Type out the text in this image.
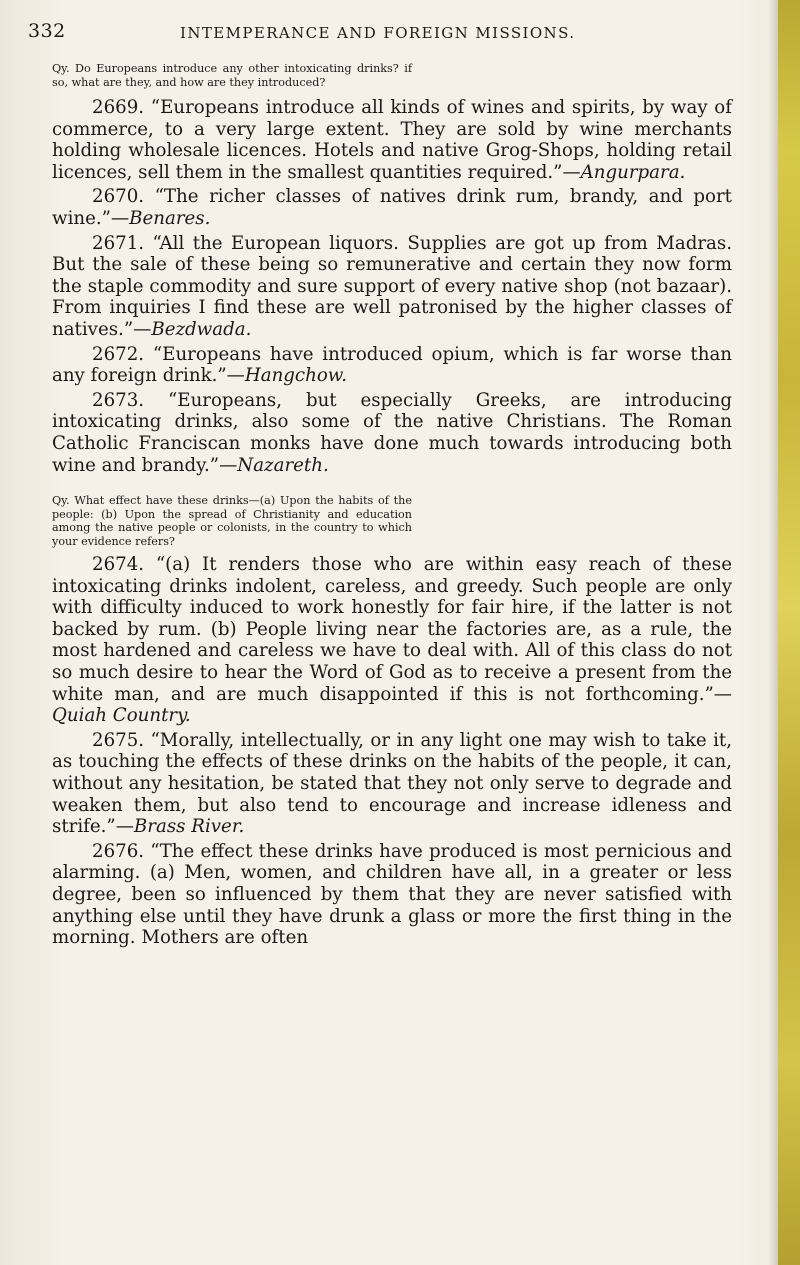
332	INTEMPERANCE AND FOREIGN MISSIONS.

Qy. Do Europeans introduce any other intoxicating drinks? if so, what are they, and how are they introduced?

2669. “Europeans introduce all kinds of wines and spirits, by way of commerce, to a very large extent. They are sold by wine merchants holding wholesale licences. Hotels and native Grog-Shops, holding retail licences, sell them in the smallest quantities required.”—Angurpara.

2670. “The richer classes of natives drink rum, brandy, and port wine.”—Benares.

2671. “All the European liquors. Supplies are got up from Madras. But the sale of these being so remunerative and certain they now form the staple commodity and sure support of every native shop (not bazaar). From inquiries I find these are well patronised by the higher classes of natives.”—Bezdwada.

2672. “Europeans have introduced opium, which is far worse than any foreign drink.”—Hangchow.

2673. “Europeans, but especially Greeks, are introducing intoxicating drinks, also some of the native Christians. The Roman Catholic Franciscan monks have done much towards introducing both wine and brandy.”—Nazareth.

Qy. What effect have these drinks—(a) Upon the habits of the people: (b) Upon the spread of Christianity and education among the native people or colonists, in the country to which your evidence refers?

2674. “(a) It renders those who are within easy reach of these intoxicating drinks indolent, careless, and greedy. Such people are only with difficulty induced to work honestly for fair hire, if the latter is not backed by rum. (b) People living near the factories are, as a rule, the most hardened and careless we have to deal with. All of this class do not so much desire to hear the Word of God as to receive a present from the white man, and are much disappointed if this is not forthcoming.”—Quiah Country.

2675. “Morally, intellectually, or in any light one may wish to take it, as touching the effects of these drinks on the habits of the people, it can, without any hesitation, be stated that they not only serve to degrade and weaken them, but also tend to encourage and increase idleness and strife.”—Brass River.

2676. “The effect these drinks have produced is most pernicious and alarming. (a) Men, women, and children have all, in a greater or less degree, been so influenced by them that they are never satisfied with anything else until they have drunk a glass or more the first thing in the morning. Mothers are often
